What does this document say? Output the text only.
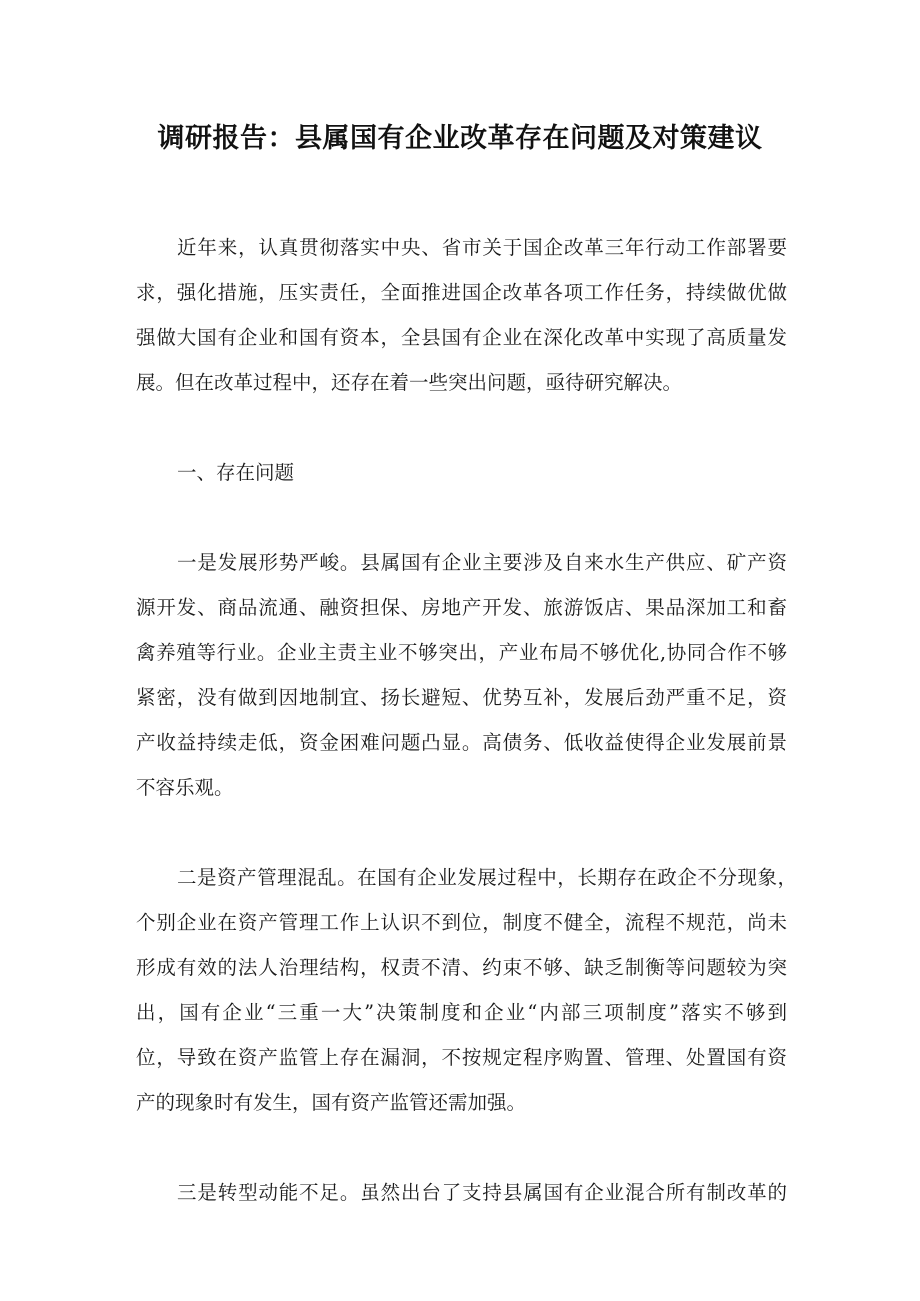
调研报告：县属国有企业改革存在问题及对策建议
近年来，认真贯彻落实中央、省市关于国企改革三年行动工作部署要
求，强化措施，压实责任，全面推进国企改革各项工作任务，持续做优做
强做大国有企业和国有资本，全县国有企业在深化改革中实现了高质量发
展。但在改革过程中，还存在着一些突出问题，亟待研究解决。
一、存在问题
一是发展形势严峻。县属国有企业主要涉及自来水生产供应、矿产资
源开发、商品流通、融资担保、房地产开发、旅游饭店、果品深加工和畜
禽养殖等行业。企业主责主业不够突出，产业布局不够优化,协同合作不够
紧密，没有做到因地制宜、扬长避短、优势互补，发展后劲严重不足，资
产收益持续走低，资金困难问题凸显。高债务、低收益使得企业发展前景
不容乐观。
二是资产管理混乱。在国有企业发展过程中，长期存在政企不分现象，
个别企业在资产管理工作上认识不到位，制度不健全，流程不规范，尚未
形成有效的法人治理结构，权责不清、约束不够、缺乏制衡等问题较为突
出，国有企业“三重一大”决策制度和企业“内部三项制度”落实不够到
位，导致在资产监管上存在漏洞，不按规定程序购置、管理、处置国有资
产的现象时有发生，国有资产监管还需加强。
三是转型动能不足。虽然出台了支持县属国有企业混合所有制改革的
